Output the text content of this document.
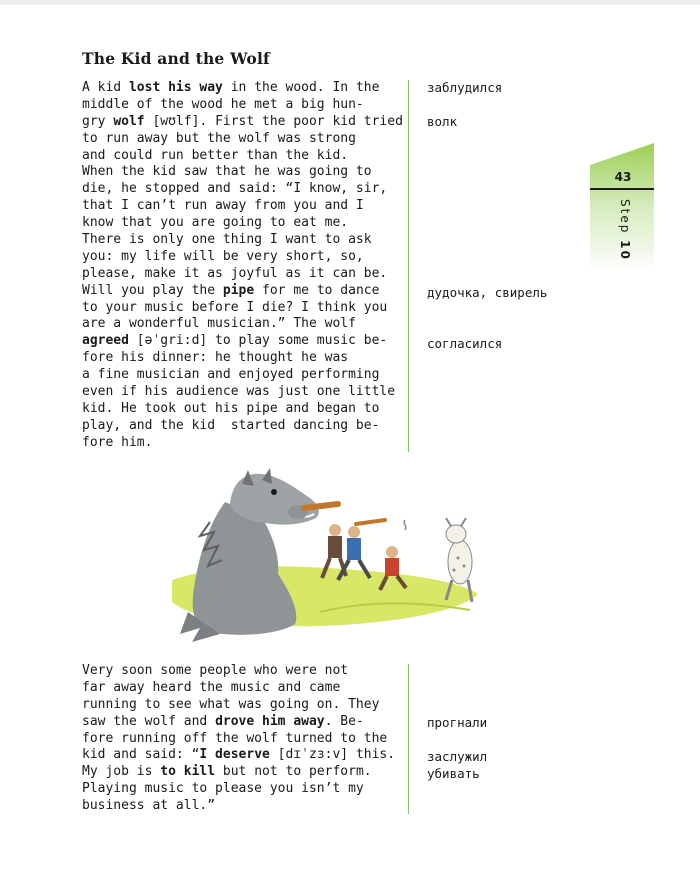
The Kid and the Wolf
A kid lost his way in the wood. In the
middle of the wood he met a big hun-
gry wolf [wʊlf]. First the poor kid tried
to run away but the wolf was strong
and could run better than the kid.
When the kid saw that he was going to
die, he stopped and said: “I know, sir,
that I can’t run away from you and I
know that you are going to eat me.
There is only one thing I want to ask
you: my life will be very short, so,
please, make it as joyful as it can be.
Will you play the pipe for me to dance
to your music before I die? I think you
are a wonderful musician.” The wolf
agreed [əˈgri:d] to play some music be-
fore his dinner: he thought he was
a fine musician and enjoyed performing
even if his audience was just one little
kid. He took out his pipe and began to
play, and the kid  started dancing be-
fore him.
заблудился
волк
дудочка, свирель
согласился
43
Step 10
Very soon some people who were not
far away heard the music and came
running to see what was going on. They
saw the wolf and drove him away. Be-
fore running off the wolf turned to the
kid and said: “I deserve [dɪˈzɜ:v] this.
My job is to kill but not to perform.
Playing music to please you isn’t my
business at all.”
прогнали
заслужил
убивать
